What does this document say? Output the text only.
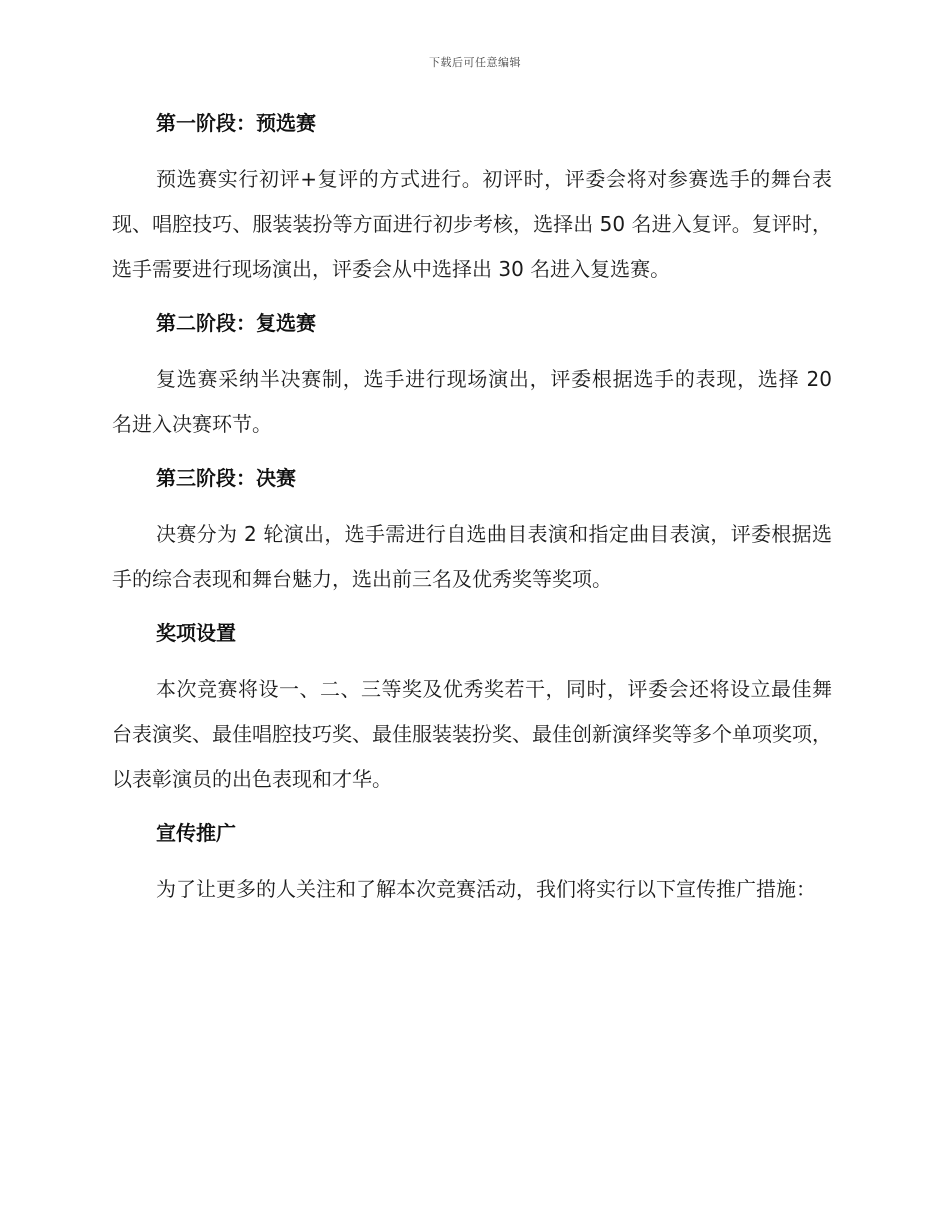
下载后可任意编辑

第一阶段：预选赛

预选赛实行初评+复评的方式进行。初评时，评委会将对参赛选手的舞台表现、唱腔技巧、服装装扮等方面进行初步考核，选择出 50 名进入复评。复评时，选手需要进行现场演出，评委会从中选择出 30 名进入复选赛。

第二阶段：复选赛

复选赛采纳半决赛制，选手进行现场演出，评委根据选手的表现，选择 20 名进入决赛环节。

第三阶段：决赛

决赛分为 2 轮演出，选手需进行自选曲目表演和指定曲目表演，评委根据选手的综合表现和舞台魅力，选出前三名及优秀奖等奖项。

奖项设置

本次竞赛将设一、二、三等奖及优秀奖若干，同时，评委会还将设立最佳舞台表演奖、最佳唱腔技巧奖、最佳服装装扮奖、最佳创新演绎奖等多个单项奖项，以表彰演员的出色表现和才华。

宣传推广

为了让更多的人关注和了解本次竞赛活动，我们将实行以下宣传推广措施：
